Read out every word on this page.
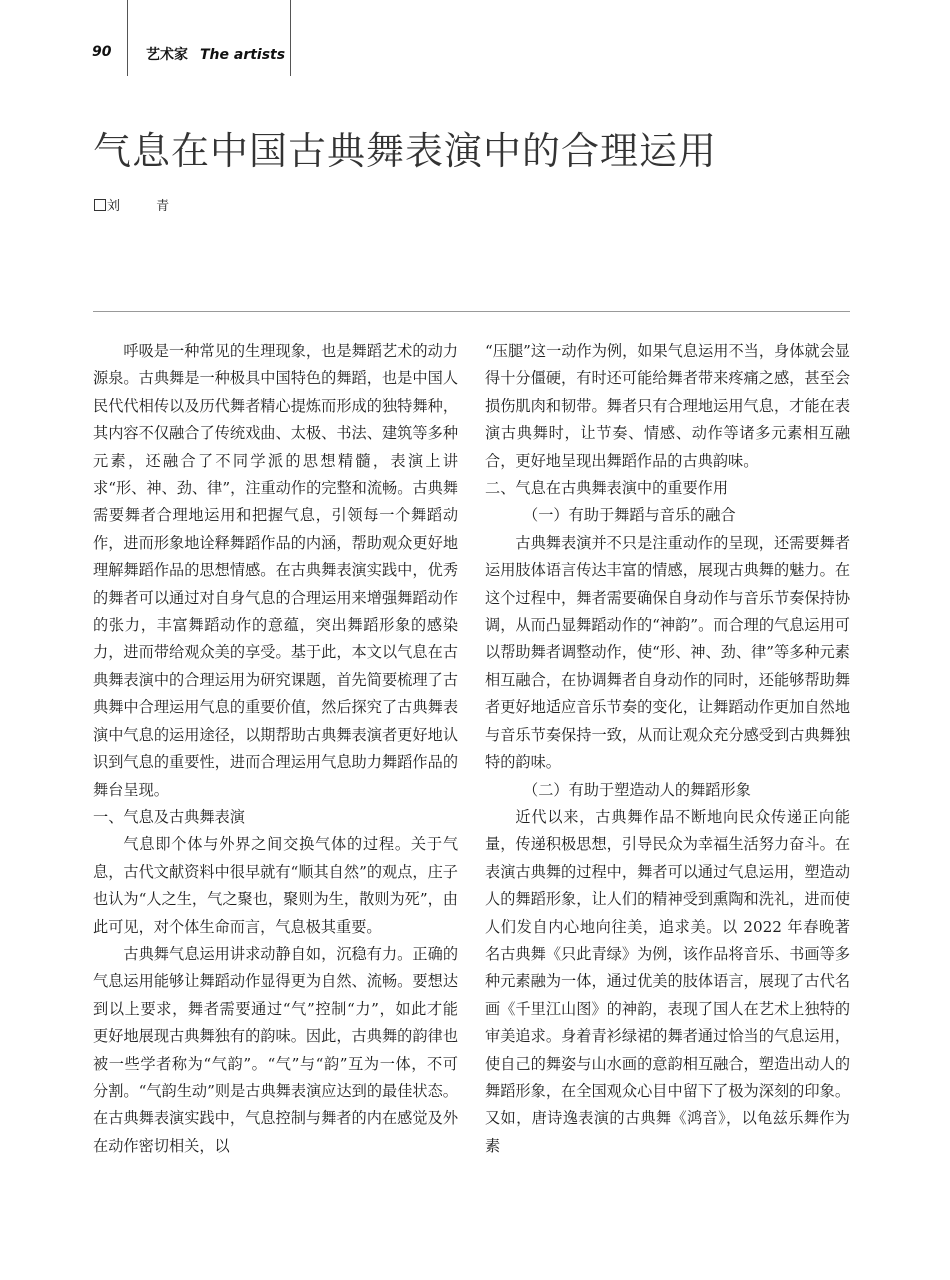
90 艺术家 The artists
气息在中国古典舞表演中的合理运用
刘 青

呼吸是一种常见的生理现象，也是舞蹈艺术的动力源泉。古典舞是一种极具中国特色的舞蹈，也是中国人民代代相传以及历代舞者精心提炼而形成的独特舞种，其内容不仅融合了传统戏曲、太极、书法、建筑等多种元素，还融合了不同学派的思想精髓，表演上讲求“形、神、劲、律”，注重动作的完整和流畅。古典舞需要舞者合理地运用和把握气息，引领每一个舞蹈动作，进而形象地诠释舞蹈作品的内涵，帮助观众更好地理解舞蹈作品的思想情感。在古典舞表演实践中，优秀的舞者可以通过对自身气息的合理运用来增强舞蹈动作的张力，丰富舞蹈动作的意蕴，突出舞蹈形象的感染力，进而带给观众美的享受。基于此，本文以气息在古典舞表演中的合理运用为研究课题，首先简要梳理了古典舞中合理运用气息的重要价值，然后探究了古典舞表演中气息的运用途径，以期帮助古典舞表演者更好地认识到气息的重要性，进而合理运用气息助力舞蹈作品的舞台呈现。

一、气息及古典舞表演

气息即个体与外界之间交换气体的过程。关于气息，古代文献资料中很早就有“顺其自然”的观点，庄子也认为“人之生，气之聚也，聚则为生，散则为死”，由此可见，对个体生命而言，气息极其重要。

古典舞气息运用讲求动静自如，沉稳有力。正确的气息运用能够让舞蹈动作显得更为自然、流畅。要想达到以上要求，舞者需要通过“气”控制“力”，如此才能更好地展现古典舞独有的韵味。因此，古典舞的韵律也被一些学者称为“气韵”。“气”与“韵”互为一体，不可分割。“气韵生动”则是古典舞表演应达到的最佳状态。在古典舞表演实践中，气息控制与舞者的内在感觉及外在动作密切相关，以

“压腿”这一动作为例，如果气息运用不当，身体就会显得十分僵硬，有时还可能给舞者带来疼痛之感，甚至会损伤肌肉和韧带。舞者只有合理地运用气息，才能在表演古典舞时，让节奏、情感、动作等诸多元素相互融合，更好地呈现出舞蹈作品的古典韵味。

二、气息在古典舞表演中的重要作用

（一）有助于舞蹈与音乐的融合

古典舞表演并不只是注重动作的呈现，还需要舞者运用肢体语言传达丰富的情感，展现古典舞的魅力。在这个过程中，舞者需要确保自身动作与音乐节奏保持协调，从而凸显舞蹈动作的“神韵”。而合理的气息运用可以帮助舞者调整动作，使“形、神、劲、律”等多种元素相互融合，在协调舞者自身动作的同时，还能够帮助舞者更好地适应音乐节奏的变化，让舞蹈动作更加自然地与音乐节奏保持一致，从而让观众充分感受到古典舞独特的韵味。

（二）有助于塑造动人的舞蹈形象

近代以来，古典舞作品不断地向民众传递正向能量，传递积极思想，引导民众为幸福生活努力奋斗。在表演古典舞的过程中，舞者可以通过气息运用，塑造动人的舞蹈形象，让人们的精神受到熏陶和洗礼，进而使人们发自内心地向往美，追求美。以 2022 年春晚著名古典舞《只此青绿》为例，该作品将音乐、书画等多种元素融为一体，通过优美的肢体语言，展现了古代名画《千里江山图》的神韵，表现了国人在艺术上独特的审美追求。身着青衫绿裙的舞者通过恰当的气息运用，使自己的舞姿与山水画的意韵相互融合，塑造出动人的舞蹈形象，在全国观众心目中留下了极为深刻的印象。又如，唐诗逸表演的古典舞《鸿音》，以龟兹乐舞作为素
